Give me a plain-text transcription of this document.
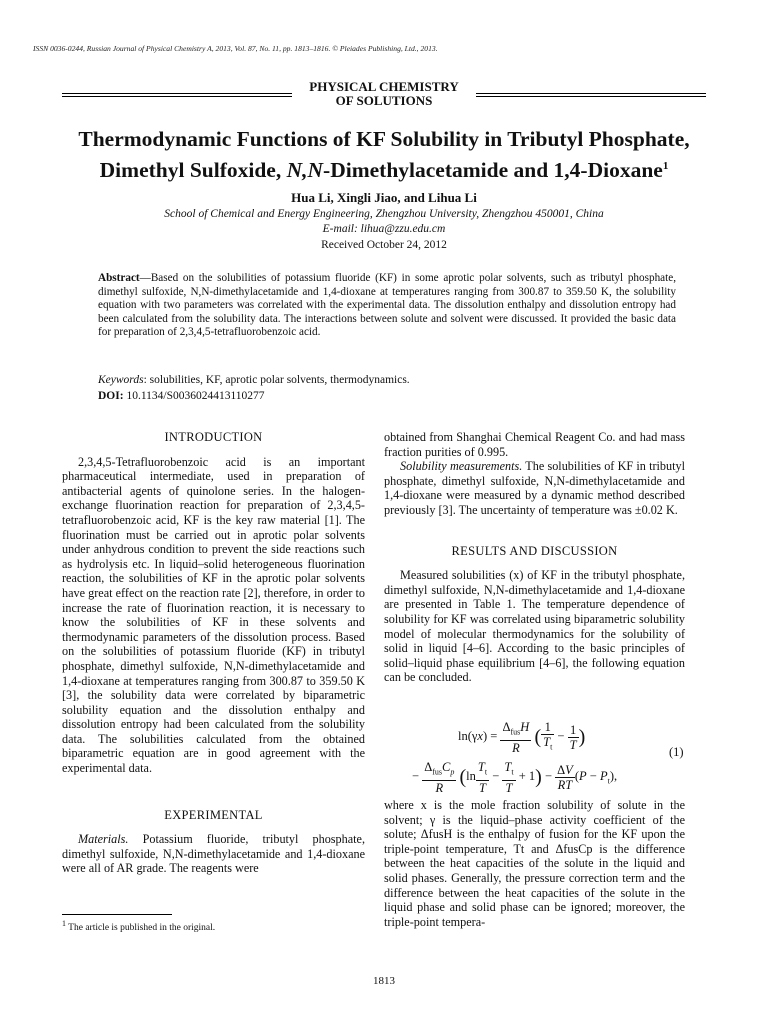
ISSN 0036-0244, Russian Journal of Physical Chemistry A, 2013, Vol. 87, No. 11, pp. 1813–1816. © Pleiades Publishing, Ltd., 2013.
PHYSICAL CHEMISTRY
OF SOLUTIONS
Thermodynamic Functions of KF Solubility in Tributyl Phosphate,
Dimethyl Sulfoxide, N,N-Dimethylacetamide and 1,4-Dioxane$^1$
Hua Li, Xingli Jiao, and Lihua Li
School of Chemical and Energy Engineering, Zhengzhou University, Zhengzhou 450001, China
E-mail: lihua@zzu.edu.cm
Received October 24, 2012
Abstract—Based on the solubilities of potassium fluoride (KF) in some aprotic polar solvents, such as tributyl phosphate, dimethyl sulfoxide, N,N-dimethylacetamide and 1,4-dioxane at temperatures ranging from 300.87 to 359.50 K, the solubility equation with two parameters was correlated with the experimental data. The dissolution enthalpy and dissolution entropy had been calculated from the solubility data. The interactions between solute and solvent were discussed. It provided the basic data for preparation of 2,3,4,5-tetrafluorobenzoic acid.
Keywords: solubilities, KF, aprotic polar solvents, thermodynamics.
DOI: 10.1134/S0036024413110277
INTRODUCTION
2,3,4,5-Tetrafluorobenzoic acid is an important pharmaceutical intermediate, used in preparation of antibacterial agents of quinolone series. In the halogen-exchange fluorination reaction for preparation of 2,3,4,5-tetrafluorobenzoic acid, KF is the key raw material [1]. The fluorination must be carried out in aprotic polar solvents under anhydrous condition to prevent the side reactions such as hydrolysis etc. In liquid–solid heterogeneous fluorination reaction, the solubilities of KF in the aprotic polar solvents have great effect on the reaction rate [2], therefore, in order to increase the rate of fluorination reaction, it is necessary to know the solubilities of KF in these solvents and thermodynamic parameters of the dissolution process. Based on the solubilities of potassium fluoride (KF) in tributyl phosphate, dimethyl sulfoxide, N,N-dimethylacetamide and 1,4-dioxane at temperatures ranging from 300.87 to 359.50 K [3], the solubility data were correlated by biparametric solubility equation and the dissolution enthalpy and dissolution entropy had been calculated from the solubility data. The solubilities calculated from the obtained biparametric equation are in good agreement with the experimental data.
EXPERIMENTAL
Materials. Potassium fluoride, tributyl phosphate, dimethyl sulfoxide, N,N-dimethylacetamide and 1,4-dioxane were all of AR grade. The reagents were
obtained from Shanghai Chemical Reagent Co. and had mass fraction purities of 0.995.
Solubility measurements. The solubilities of KF in tributyl phosphate, dimethyl sulfoxide, N,N-dimethylacetamide and 1,4-dioxane were measured by a dynamic method described previously [3]. The uncertainty of temperature was ±0.02 K.
RESULTS AND DISCUSSION
Measured solubilities (x) of KF in the tributyl phosphate, dimethyl sulfoxide, N,N-dimethylacetamide and 1,4-dioxane are presented in Table 1. The temperature dependence of solubility for KF was correlated using biparametric solubility model of molecular thermodynamics for the solubility of solid in liquid [4–6]. According to the basic principles of solid–liquid phase equilibrium [4–6], the following equation can be concluded.
$\ln(\gamma x) = \frac{\Delta_{fus}H}{R}$ ( $\frac{1}{T_t} - \frac{1}{T}$ )
(1)
− $\frac{\Delta_{fus}C_p}{R} (\ln \frac{T_t}{T} - \frac{T_t}{T} + 1) - \frac{\Delta V}{RT} (P - P_t)$,
where x is the mole fraction solubility of solute in the solvent; γ is the liquid–phase activity coefficient of the solute; ΔfusH is the enthalpy of fusion for the KF upon the triple-point temperature, Tt and ΔfusCp is the difference between the heat capacities of the solute in the liquid and solid phases. Generally, the pressure correction term and the difference between the heat capacities of the solute in the liquid phase and solid phase can be ignored; moreover, the triple-point tempera-
$^1$ The article is published in the original.
1813
